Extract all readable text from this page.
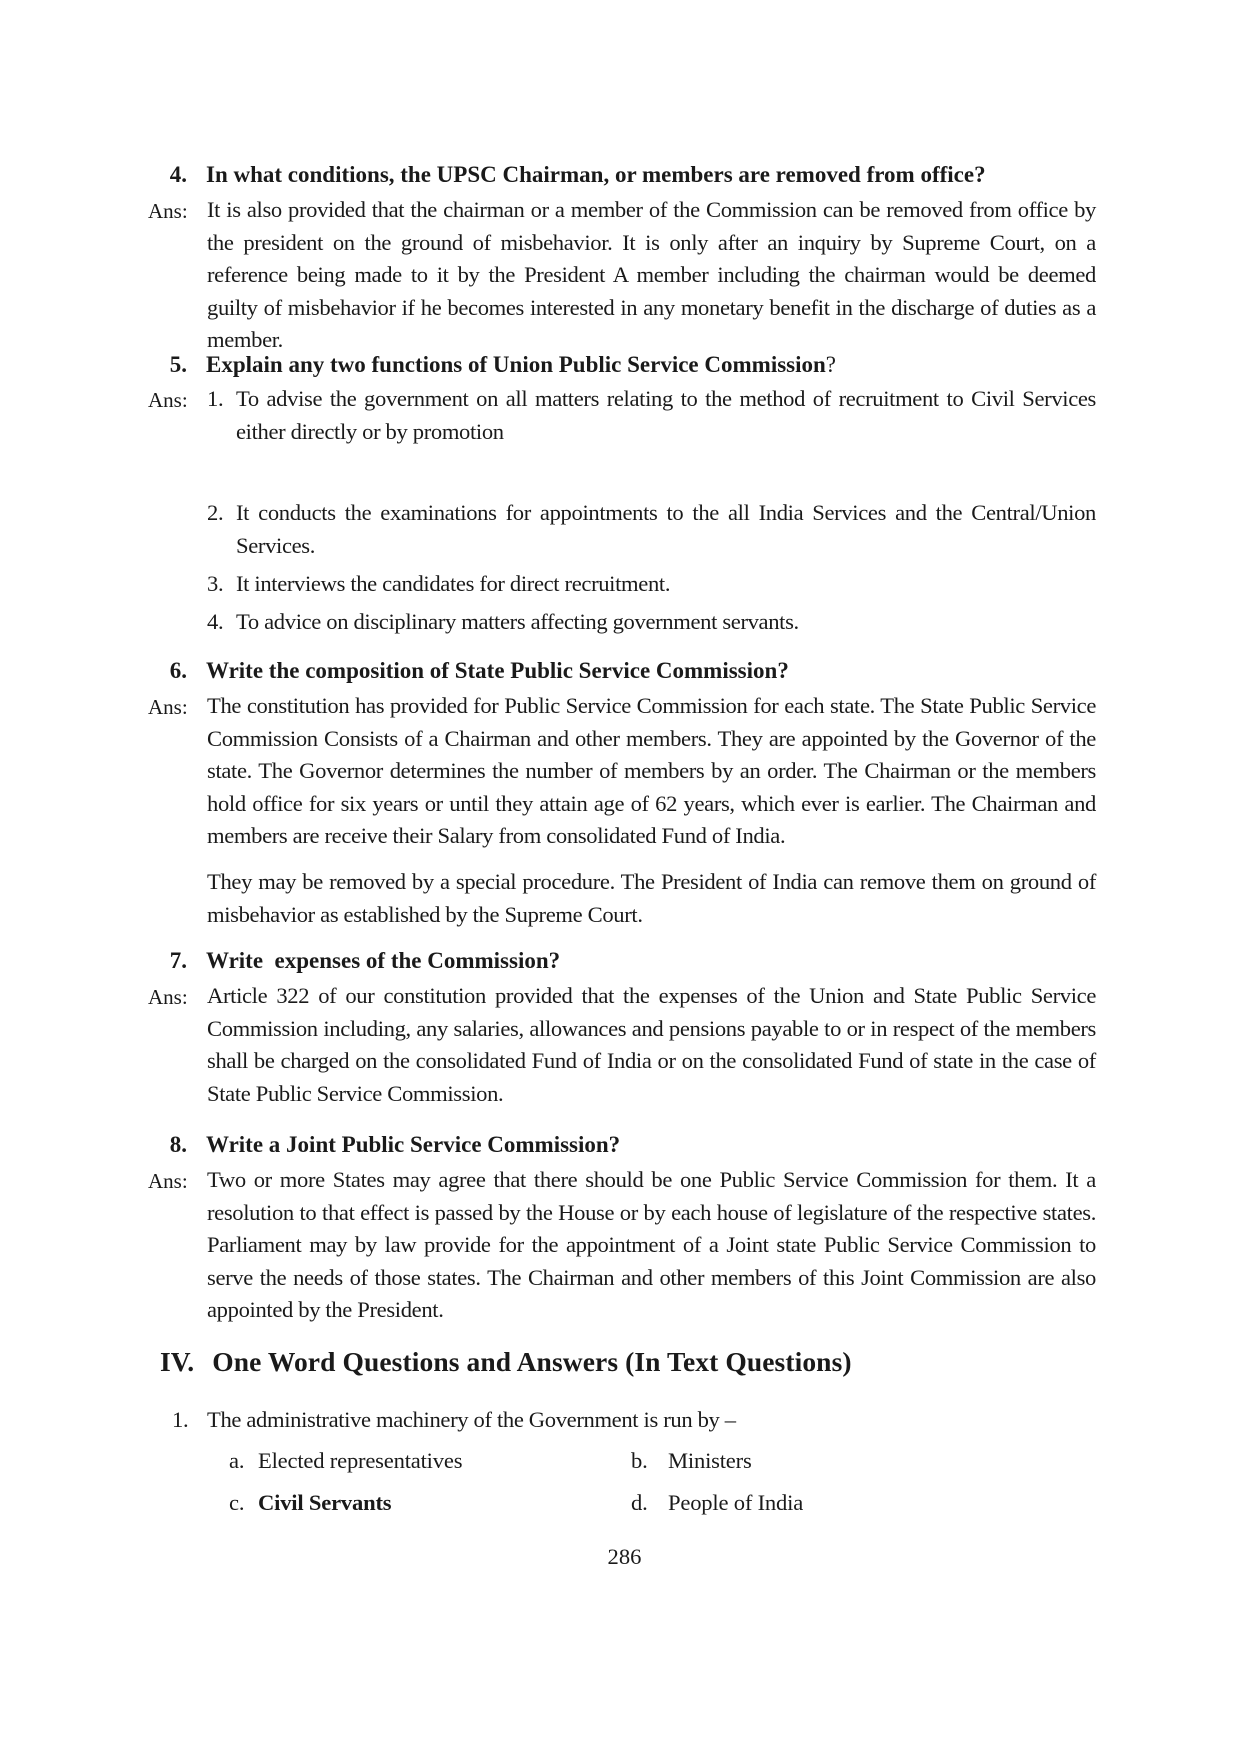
4. In what conditions, the UPSC Chairman, or members are removed from office?
Ans: It is also provided that the chairman or a member of the Commission can be removed from office by the president on the ground of misbehavior. It is only after an inquiry by Supreme Court, on a reference being made to it by the President A member including the chairman would be deemed guilty of misbehavior if he becomes interested in any monetary benefit in the discharge of duties as a member.
5. Explain any two functions of Union Public Service Commission?
Ans: 1. To advise the government on all matters relating to the method of recruitment to Civil Services either directly or by promotion
2. It conducts the examinations for appointments to the all India Services and the Central/Union Services.
3. It interviews the candidates for direct recruitment.
4. To advice on disciplinary matters affecting government servants.
6. Write the composition of State Public Service Commission?
Ans: The constitution has provided for Public Service Commission for each state. The State Public Service Commission Consists of a Chairman and other members. They are appointed by the Governor of the state. The Governor determines the number of members by an order. The Chairman or the members hold office for six years or until they attain age of 62 years, which ever is earlier. The Chairman and members are receive their Salary from consolidated Fund of India.
They may be removed by a special procedure. The President of India can remove them on ground of misbehavior as established by the Supreme Court.
7. Write  expenses of the Commission?
Ans: Article 322 of our constitution provided that the expenses of the Union and State Public Service Commission including, any salaries, allowances and pensions payable to or in respect of the members shall be charged on the consolidated Fund of India or on the consolidated Fund of state in the case of State Public Service Commission.
8. Write a Joint Public Service Commission?
Ans: Two or more States may agree that there should be one Public Service Commission for them. It a resolution to that effect is passed by the House or by each house of legislature of the respective states. Parliament may by law provide for the appointment of a Joint state Public Service Commission to serve the needs of those states. The Chairman and other members of this Joint Commission are also appointed by the President.
IV. One Word Questions and Answers (In Text Questions)
1. The administrative machinery of the Government is run by –
a. Elected representatives	b. Ministers
c. Civil Servants	d. People of India
286
